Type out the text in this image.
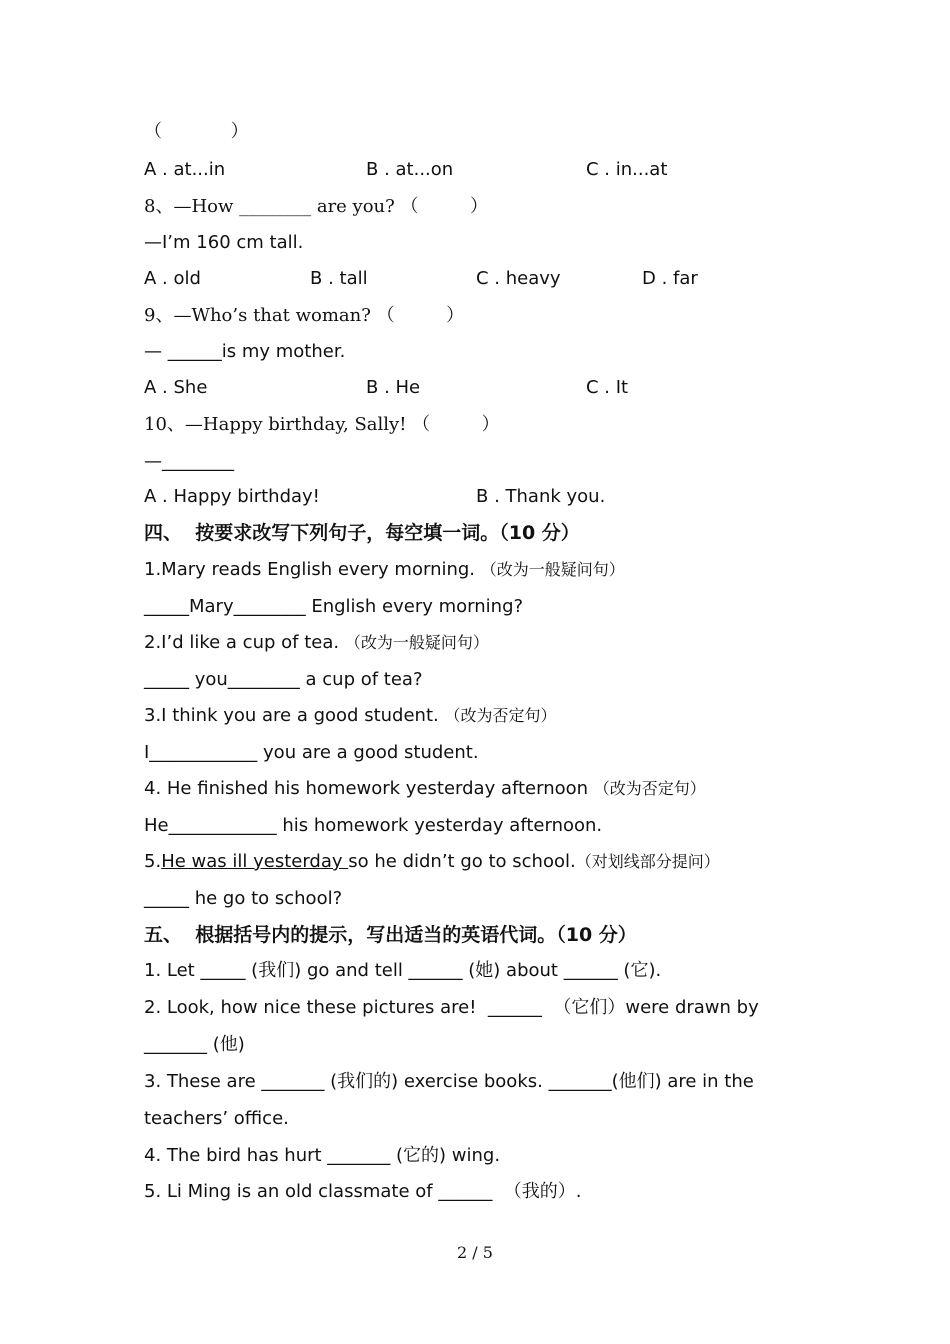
（            ）

A . at...in

	B . at...on

	C . in...at

8、—How ________ are you? （         ）
—I’m 160 cm tall.

A . old

	B . tall

	C . heavy

	D . far

9、—Who’s that woman? （         ）
— ______is my mother.

A . She

	B . He

	C . It

10、—Happy birthday, Sally! （         ）
—________

A . Happy birthday!

	B . Thank you.

四、  按要求改写下列句子，每空填一词。（10 分）
1.Mary reads English every morning. （改为一般疑问句）
_____Mary________ English every morning?
2.I’d like a cup of tea. （改为一般疑问句）
_____ you________ a cup of tea?
3.I think you are a good student. （改为否定句）
I____________ you are a good student.
4. He finished his homework yesterday afternoon （改为否定句）
He____________ his homework yesterday afternoon.
5.He was ill yesterday so he didn’t go to school.（对划线部分提问）
_____ he go to school?
五、  根据括号内的提示，写出适当的英语代词。（10 分）
1. Let _____ (我们) go and tell ______ (她) about ______ (它).
2. Look, how nice these pictures are!  ______  （它们）were drawn by
_______ (他)
3. These are _______ (我们的) exercise books. _______(他们) are in the
teachers’ office.
4. The bird has hurt _______ (它的) wing.
5. Li Ming is an old classmate of ______  （我的）.
2 / 5
